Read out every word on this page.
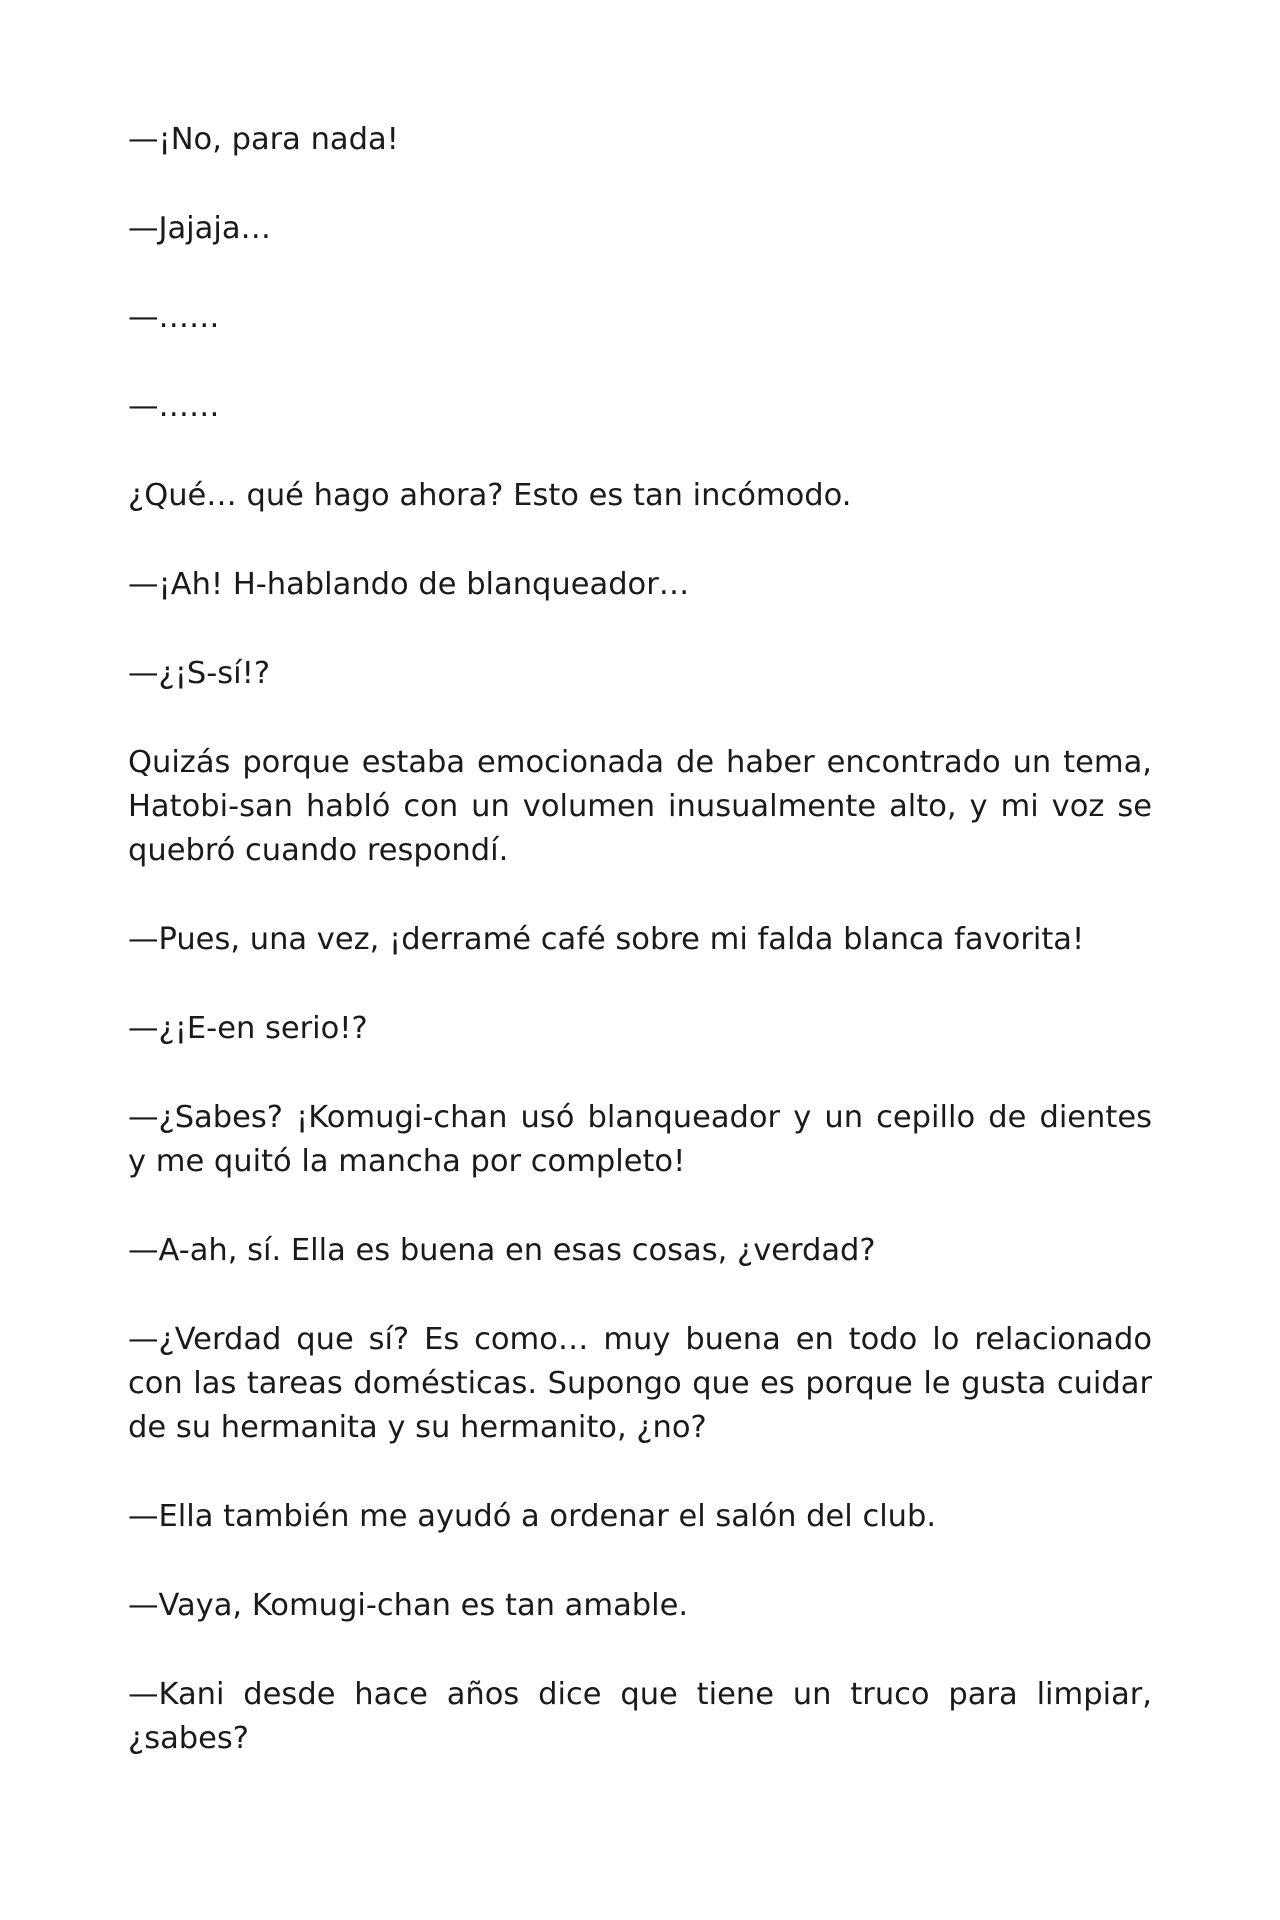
—¡No, para nada!

—Jajaja…

—……

—……

¿Qué… qué hago ahora? Esto es tan incómodo.

—¡Ah! H-hablando de blanqueador…

—¿¡S-sí!?

Quizás porque estaba emocionada de haber encontrado un tema, Hatobi-san habló con un volumen inusualmente alto, y mi voz se quebró cuando respondí.

—Pues, una vez, ¡derramé café sobre mi falda blanca favorita!

—¿¡E-en serio!?

—¿Sabes? ¡Komugi-chan usó blanqueador y un cepillo de dientes y me quitó la mancha por completo!

—A-ah, sí. Ella es buena en esas cosas, ¿verdad?

—¿Verdad que sí? Es como… muy buena en todo lo relacionado con las tareas domésticas. Supongo que es porque le gusta cuidar de su hermanita y su hermanito, ¿no?

—Ella también me ayudó a ordenar el salón del club.

—Vaya, Komugi-chan es tan amable.

—Kani desde hace años dice que tiene un truco para limpiar, ¿sabes?
